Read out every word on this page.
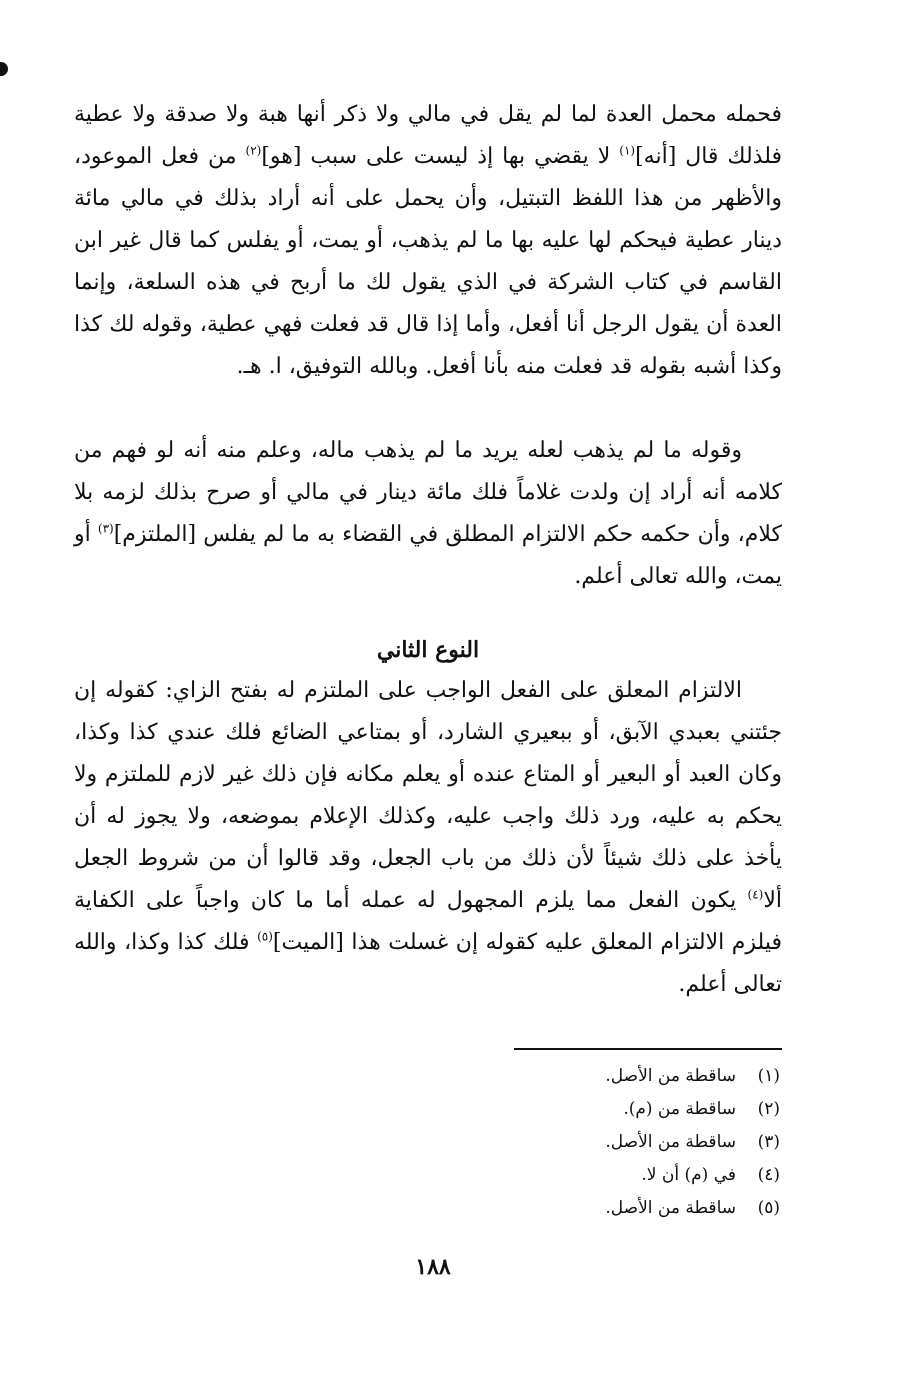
فحمله محمل العدة لما لم يقل في مالي ولا ذكر أنها هبة ولا صدقة ولا عطية فلذلك قال [أنه]$^{(١)}$ لا يقضي بها إذ ليست على سبب [هو]$^{(٢)}$ من فعل الموعود، والأظهر من هذا اللفظ التبتيل، وأن يحمل على أنه أراد بذلك في مالي مائة دينار عطية فيحكم لها عليه بها ما لم يذهب، أو يمت، أو يفلس كما قال غير ابن القاسم في كتاب الشركة في الذي يقول لك ما أربح في هذه السلعة، وإنما العدة أن يقول الرجل أنا أفعل، وأما إذا قال قد فعلت فهي عطية، وقوله لك كذا وكذا أشبه بقوله قد فعلت منه بأنا أفعل. وبالله التوفيق، ا. هـ.

وقوله ما لم يذهب لعله يريد ما لم يذهب ماله، وعلم منه أنه لو فهم من كلامه أنه أراد إن ولدت غلاماً فلك مائة دينار في مالي أو صرح بذلك لزمه بلا كلام، وأن حكمه حكم الالتزام المطلق في القضاء به ما لم يفلس [الملتزم]$^{(٣)}$ أو يمت، والله تعالى أعلم.

النوع الثاني

الالتزام المعلق على الفعل الواجب على الملتزم له بفتح الزاي: كقوله إن جئتني بعبدي الآبق، أو ببعيري الشارد، أو بمتاعي الضائع فلك عندي كذا وكذا، وكان العبد أو البعير أو المتاع عنده أو يعلم مكانه فإن ذلك غير لازم للملتزم ولا يحكم به عليه، ورد ذلك واجب عليه، وكذلك الإعلام بموضعه، ولا يجوز له أن يأخذ على ذلك شيئاً لأن ذلك من باب الجعل، وقد قالوا أن من شروط الجعل ألا$^{(٤)}$ يكون الفعل مما يلزم المجهول له عمله أما ما كان واجباً على الكفاية فيلزم الالتزام المعلق عليه كقوله إن غسلت هذا [الميت]$^{(٥)}$ فلك كذا وكذا، والله تعالى أعلم.

(١)
ساقطة من الأصل.
(٢)
ساقطة من (م).
(٣)
ساقطة من الأصل.
(٤)
في (م) أن لا.
(٥)
ساقطة من الأصل.
١٨٨
